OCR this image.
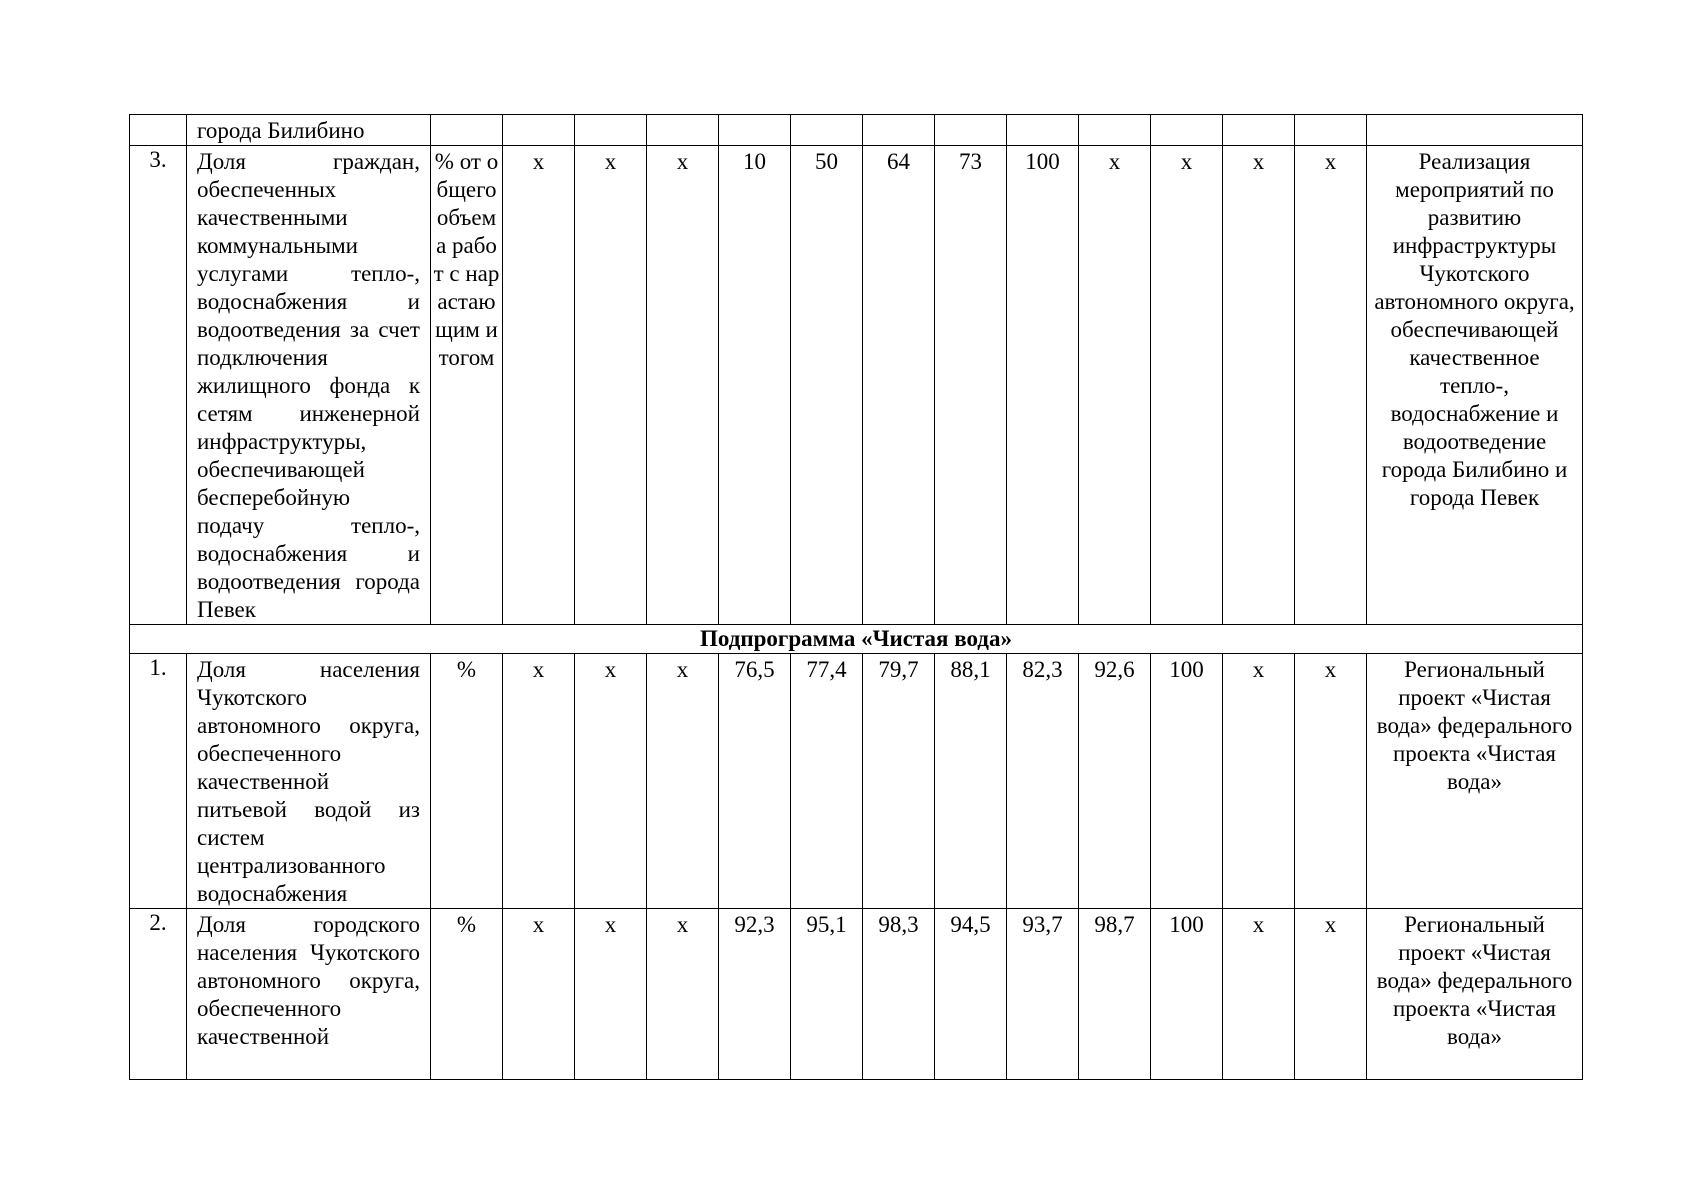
	города Билибино														
3.	Доля граждан, обеспеченных качественными коммунальными услугами тепло-, водоснабжения и водоотведения за счет подключения жилищного фонда к сетям инженерной инфраструктуры, обеспечивающей бесперебойную подачу тепло-, водоснабжения и водоотведения города Певек	% от общего объема работ с нарастающим итогом	х	х	х	10	50	64	73	100	х	х	х	х	Реализация мероприятий по развитию инфраструктуры Чукотского автономного округа, обеспечивающей качественное тепло-, водоснабжение и водоотведение города Билибино и города Певек
Подпрограмма «Чистая вода»															
1.	Доля населения Чукотского автономного округа, обеспеченного качественной питьевой водой из систем централизованного водоснабжения	%	х	х	х	76,5	77,4	79,7	88,1	82,3	92,6	100	х	х	Региональный проект «Чистая вода» федерального проекта «Чистая вода»
2.	Доля городского населения Чукотского автономного округа, обеспеченного качественной	%	х	х	х	92,3	95,1	98,3	94,5	93,7	98,7	100	х	х	Региональный проект «Чистая вода» федерального проекта «Чистая вода»
